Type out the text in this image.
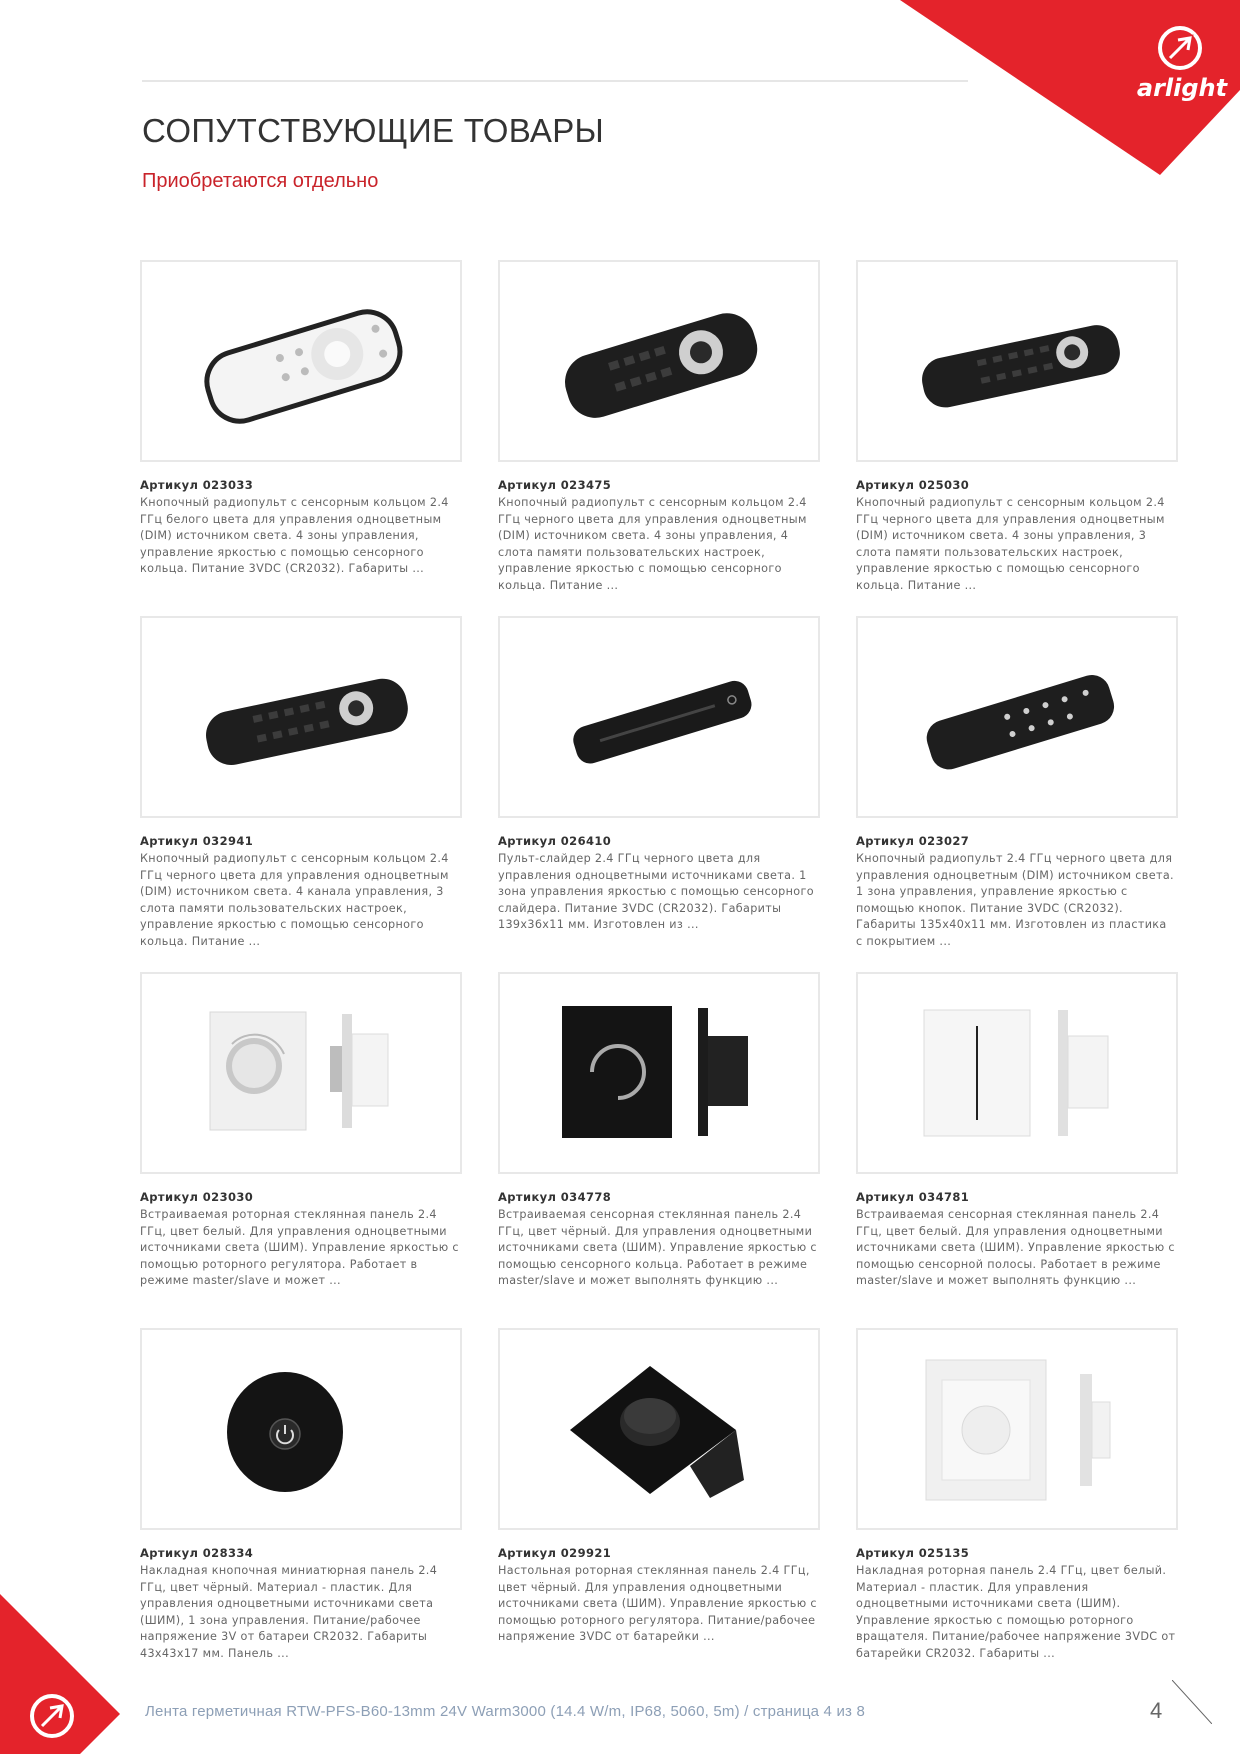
arlight
СОПУТСТВУЮЩИЕ ТОВАРЫ
Приобретаются отдельно
Артикул 023033
Кнопочный радиопульт с сенсорным кольцом 2.4 ГГц белого цвета для управления одноцветным (DIM) источником света. 4 зоны управления, управление яркостью с помощью сенсорного кольца. Питание 3VDC (CR2032). Габариты ...
Артикул 023475
Кнопочный радиопульт с сенсорным кольцом 2.4 ГГц черного цвета для управления одноцветным (DIM) источником света. 4 зоны управления, 4 слота памяти пользовательских настроек, управление яркостью с помощью сенсорного кольца. Питание ...
Артикул 025030
Кнопочный радиопульт с сенсорным кольцом 2.4 ГГц черного цвета для управления одноцветным (DIM) источником света. 4 зоны управления, 3 слота памяти пользовательских настроек, управление яркостью с помощью сенсорного кольца. Питание ...
Артикул 032941
Кнопочный радиопульт с сенсорным кольцом 2.4 ГГц черного цвета для управления одноцветным (DIM) источником света. 4 канала управления, 3 слота памяти пользовательских настроек, управление яркостью с помощью сенсорного кольца. Питание ...
Артикул 026410
Пульт-слайдер 2.4 ГГц черного цвета для управления одноцветными источниками света. 1 зона управления яркостью с помощью сенсорного слайдера. Питание 3VDC (CR2032). Габариты 139x36x11 мм. Изготовлен из ...
Артикул 023027
Кнопочный радиопульт 2.4 ГГц черного цвета для управления одноцветным (DIM) источником света. 1 зона управления, управление яркостью с помощью кнопок. Питание 3VDC (CR2032). Габариты 135x40x11 мм. Изготовлен из пластика с покрытием ...
Артикул 023030
Встраиваемая роторная стеклянная панель 2.4 ГГц, цвет белый. Для управления одноцветными источниками света (ШИМ). Управление яркостью с помощью роторного регулятора. Работает в режиме master/slave и может ...
Артикул 034778
Встраиваемая сенсорная стеклянная панель 2.4 ГГц, цвет чёрный. Для управления одноцветными источниками света (ШИМ). Управление яркостью с помощью сенсорного кольца. Работает в режиме master/slave и может выполнять функцию ...
Артикул 034781
Встраиваемая сенсорная стеклянная панель 2.4 ГГц, цвет белый. Для управления одноцветными источниками света (ШИМ). Управление яркостью с помощью сенсорной полосы. Работает в режиме master/slave и может выполнять функцию ...
Артикул 028334
Накладная кнопочная миниатюрная панель 2.4 ГГц, цвет чёрный. Материал - пластик. Для управления одноцветными источниками света (ШИМ), 1 зона управления. Питание/рабочее напряжение 3V от батареи CR2032. Габариты 43x43x17 мм. Панель ...
Артикул 029921
Настольная роторная стеклянная панель 2.4 ГГц, цвет чёрный. Для управления одноцветными источниками света (ШИМ). Управление яркостью с помощью роторного регулятора. Питание/рабочее напряжение 3VDC от батарейки ...
Артикул 025135
Накладная роторная панель 2.4 ГГц, цвет белый. Материал - пластик. Для управления одноцветными источниками света (ШИМ). Управление яркостью с помощью роторного вращателя. Питание/рабочее напряжение 3VDC от батарейки CR2032. Габариты ...
Лента герметичная RTW-PFS-B60-13mm 24V Warm3000 (14.4 W/m, IP68, 5060, 5m) / страница 4 из 8	4
